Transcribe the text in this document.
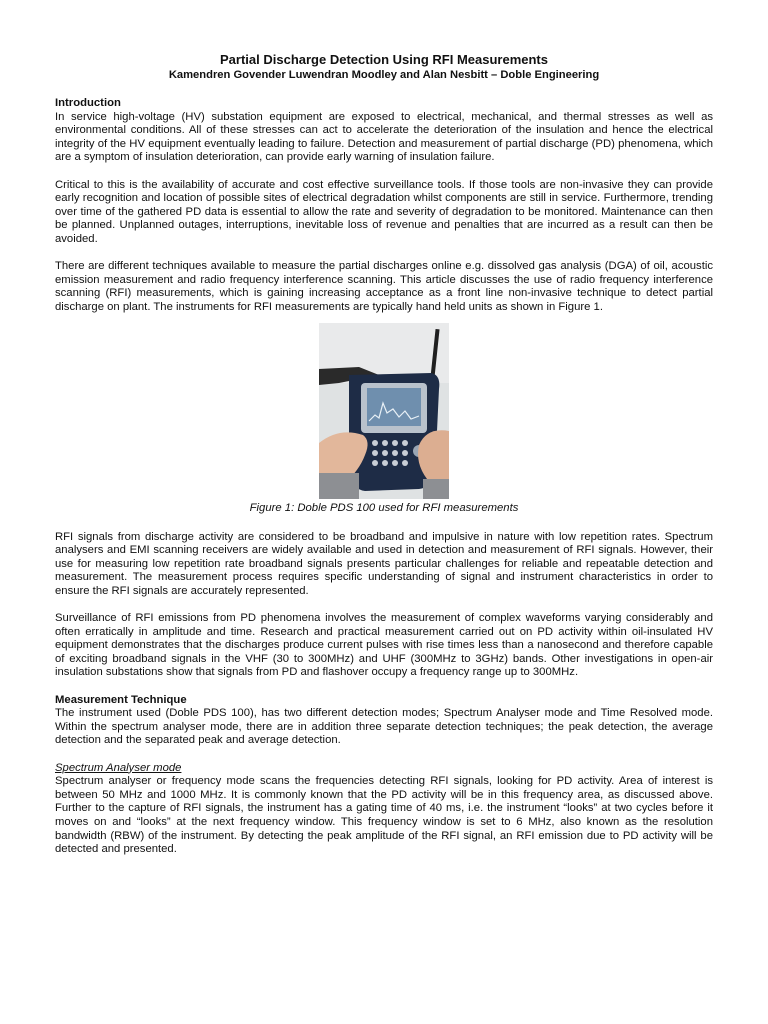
Partial Discharge Detection Using RFI Measurements
Kamendren Govender Luwendran Moodley and Alan Nesbitt – Doble Engineering
Introduction

In service high-voltage (HV) substation equipment are exposed to electrical, mechanical, and thermal stresses as well as environmental conditions. All of these stresses can act to accelerate the deterioration of the insulation and hence the electrical integrity of the HV equipment eventually leading to failure. Detection and measurement of partial discharge (PD) phenomena, which are a symptom of insulation deterioration, can provide early warning of insulation failure.

Critical to this is the availability of accurate and cost effective surveillance tools. If those tools are non-invasive they can provide early recognition and location of possible sites of electrical degradation whilst components are still in service. Furthermore, trending over time of the gathered PD data is essential to allow the rate and severity of degradation to be monitored. Maintenance can then be planned. Unplanned outages, interruptions, inevitable loss of revenue and penalties that are incurred as a result can then be avoided.

There are different techniques available to measure the partial discharges online e.g. dissolved gas analysis (DGA) of oil, acoustic emission measurement and radio frequency interference scanning. This article discusses the use of radio frequency interference scanning (RFI) measurements, which is gaining increasing acceptance as a front line non-invasive technique to detect partial discharge on plant. The instruments for RFI measurements are typically hand held units as shown in Figure 1.

Figure 1: Doble PDS 100 used for RFI measurements

RFI signals from discharge activity are considered to be broadband and impulsive in nature with low repetition rates. Spectrum analysers and EMI scanning receivers are widely available and used in detection and measurement of RFI signals. However, their use for measuring low repetition rate broadband signals presents particular challenges for reliable and repeatable detection and measurement. The measurement process requires specific understanding of signal and instrument characteristics in order to ensure the RFI signals are accurately represented.

Surveillance of RFI emissions from PD phenomena involves the measurement of complex waveforms varying considerably and often erratically in amplitude and time. Research and practical measurement carried out on PD activity within oil-insulated HV equipment demonstrates that the discharges produce current pulses with rise times less than a nanosecond and therefore capable of exciting broadband signals in the VHF (30 to 300MHz) and UHF (300MHz to 3GHz) bands. Other investigations in open-air insulation substations show that signals from PD and flashover occupy a frequency range up to 300MHz.

Measurement Technique

The instrument used (Doble PDS 100), has two different detection modes; Spectrum Analyser mode and Time Resolved mode. Within the spectrum analyser mode, there are in addition three separate detection techniques; the peak detection, the average detection and the separated peak and average detection.

Spectrum Analyser mode

Spectrum analyser or frequency mode scans the frequencies detecting RFI signals, looking for PD activity. Area of interest is between 50 MHz and 1000 MHz. It is commonly known that the PD activity will be in this frequency area, as discussed above. Further to the capture of RFI signals, the instrument has a gating time of 40 ms, i.e. the instrument “looks” at two cycles before it moves on and “looks” at the next frequency window. This frequency window is set to 6 MHz, also known as the resolution bandwidth (RBW) of the instrument. By detecting the peak amplitude of the RFI signal, an RFI emission due to PD activity will be detected and presented.
